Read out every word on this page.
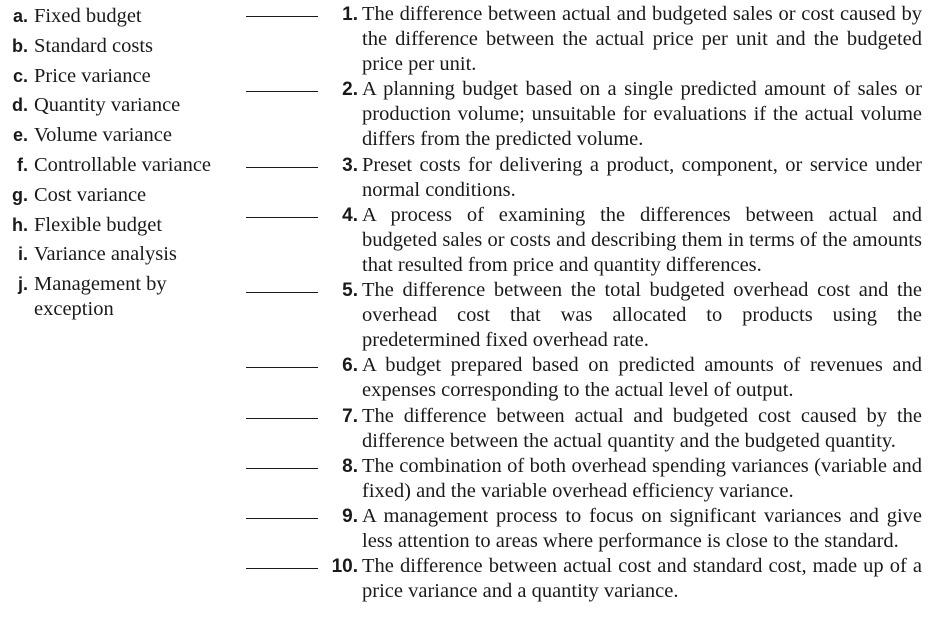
a. Fixed budget
b. Standard costs
c. Price variance
d. Quantity variance
e. Volume variance
f. Controllable variance
g. Cost variance
h. Flexible budget
i. Variance analysis
j. Management by exception
1. The difference between actual and budgeted sales or cost caused by the difference between the actual price per unit and the budgeted price per unit.
2. A planning budget based on a single predicted amount of sales or production volume; unsuitable for evaluations if the actual volume differs from the predicted volume.
3. Preset costs for delivering a product, component, or service under normal conditions.
4. A process of examining the differences between actual and budgeted sales or costs and describing them in terms of the amounts that resulted from price and quantity differences.
5. The difference between the total budgeted overhead cost and the overhead cost that was allocated to products using the predetermined fixed overhead rate.
6. A budget prepared based on predicted amounts of revenues and expenses corresponding to the actual level of output.
7. The difference between actual and budgeted cost caused by the difference between the actual quantity and the budgeted quantity.
8. The combination of both overhead spending variances (variable and fixed) and the variable overhead efficiency variance.
9. A management process to focus on significant variances and give less attention to areas where performance is close to the standard.
10. The difference between actual cost and standard cost, made up of a price variance and a quantity variance.
